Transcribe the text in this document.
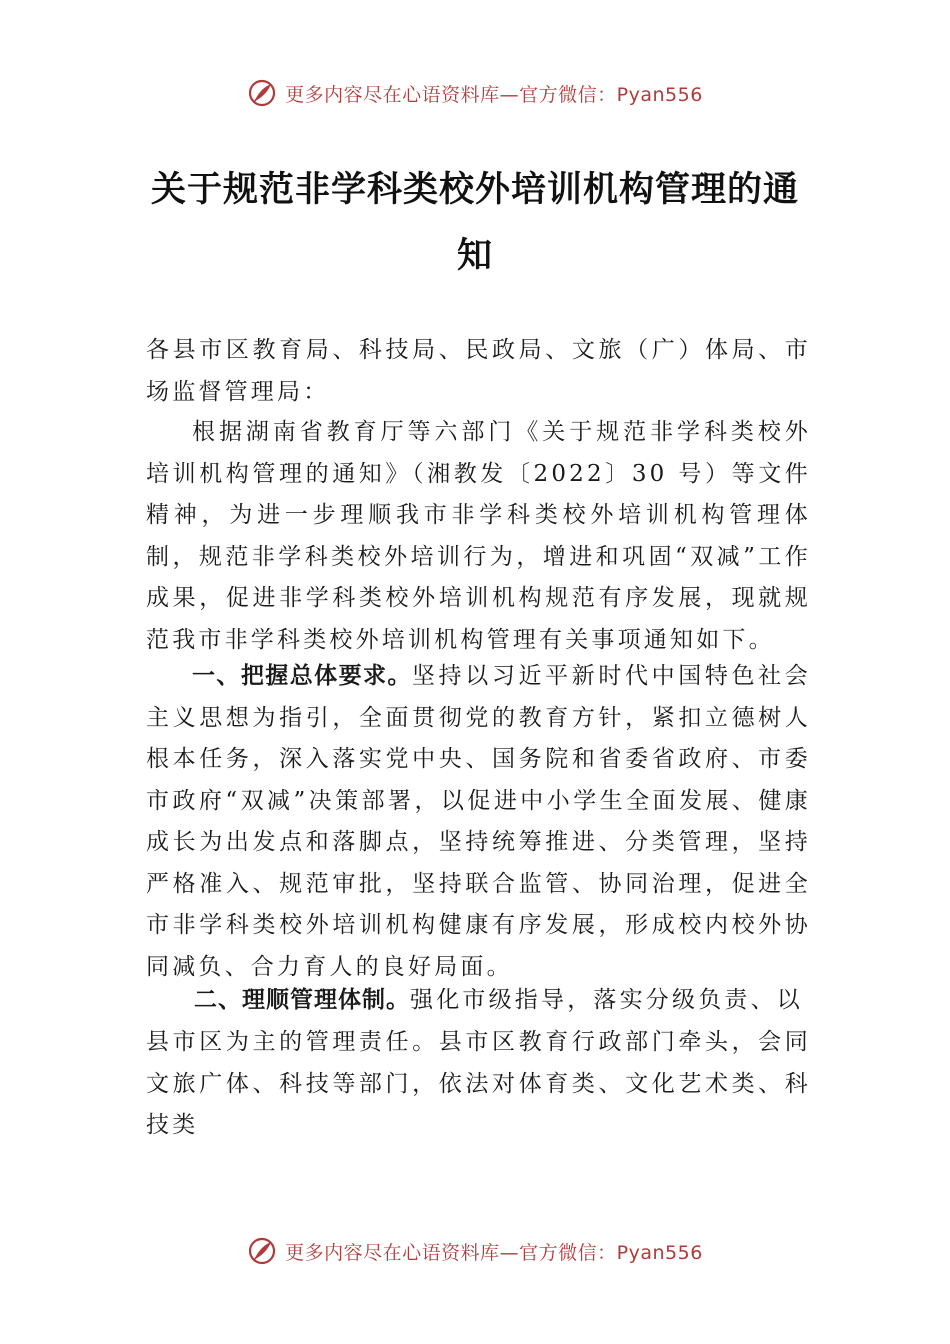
更多内容尽在心语资料库—官方微信：Pyan556
关于规范非学科类校外培训机构管理的通
知
各县市区教育局、科技局、民政局、文旅（广）体局、市场监督管理局：
根据湖南省教育厅等六部门《关于规范非学科类校外培训机构管理的通知》（湘教发〔2022〕30 号）等文件精神，为进一步理顺我市非学科类校外培训机构管理体制，规范非学科类校外培训行为，增进和巩固“双减”工作成果，促进非学科类校外培训机构规范有序发展，现就规范我市非学科类校外培训机构管理有关事项通知如下。
一、把握总体要求。坚持以习近平新时代中国特色社会主义思想为指引，全面贯彻党的教育方针，紧扣立德树人根本任务，深入落实党中央、国务院和省委省政府、市委市政府“双减”决策部署，以促进中小学生全面发展、健康成长为出发点和落脚点，坚持统筹推进、分类管理，坚持严格准入、规范审批，坚持联合监管、协同治理，促进全市非学科类校外培训机构健康有序发展，形成校内校外协同减负、合力育人的良好局面。
二、理顺管理体制。强化市级指导，落实分级负责、以
县市区为主的管理责任。县市区教育行政部门牵头，会同文旅广体、科技等部门，依法对体育类、文化艺术类、科技类
更多内容尽在心语资料库—官方微信：Pyan556
